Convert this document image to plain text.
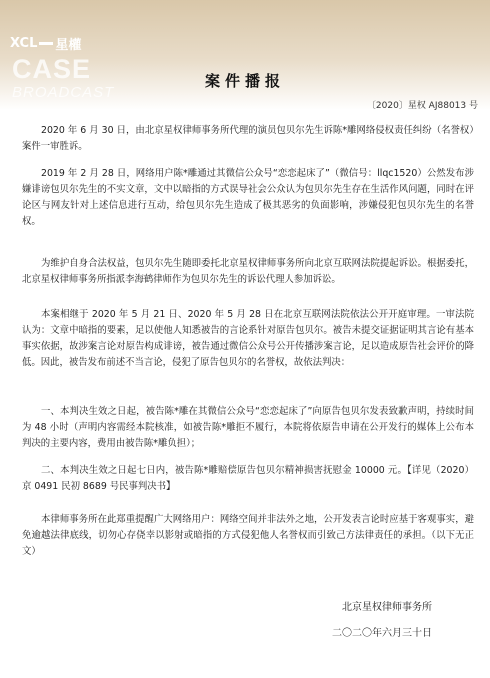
XCL 星權
CASE
BROADCAST
案件播报
〔2020〕星权 AJ88013 号

2020 年 6 月 30 日，由北京星权律师事务所代理的演员包贝尔先生诉陈*雕网络侵权责任纠纷（名誉权）案件一审胜诉。

2019 年 2 月 28 日，网络用户陈*雕通过其微信公众号“恋恋起床了”（微信号：llqc1520）公然发布涉嫌诽谤包贝尔先生的不实文章，文中以暗指的方式误导社会公众认为包贝尔先生存在生活作风问题，同时在评论区与网友针对上述信息进行互动，给包贝尔先生造成了极其恶劣的负面影响，涉嫌侵犯包贝尔先生的名誉权。

为维护自身合法权益，包贝尔先生随即委托北京星权律师事务所向北京互联网法院提起诉讼。根据委托，北京星权律师事务所指派李海鹤律师作为包贝尔先生的诉讼代理人参加诉讼。

本案相继于 2020 年 5 月 21 日、2020 年 5 月 28 日在北京互联网法院依法公开开庭审理。一审法院认为：文章中暗指的要素，足以使他人知悉被告的言论系针对原告包贝尔。被告未提交证据证明其言论有基本事实依据，故涉案言论对原告构成诽谤，被告通过微信公众号公开传播涉案言论，足以造成原告社会评价的降低。因此，被告发布前述不当言论，侵犯了原告包贝尔的名誉权，故依法判决：

一、本判决生效之日起，被告陈*雕在其微信公众号“恋恋起床了”向原告包贝尔发表致歉声明，持续时间为 48 小时（声明内容需经本院核准，如被告陈*雕拒不履行，本院将依原告申请在公开发行的媒体上公布本判决的主要内容，费用由被告陈*雕负担）；

二、本判决生效之日起七日内，被告陈*雕赔偿原告包贝尔精神损害抚慰金 10000 元。【详见（2020）京 0491 民初 8689 号民事判决书】

本律师事务所在此郑重提醒广大网络用户：网络空间并非法外之地，公开发表言论时应基于客观事实，避免逾越法律底线，切勿心存侥幸以影射或暗指的方式侵犯他人名誉权而引致己方法律责任的承担。（以下无正文）

北京星权律师事务所
二〇二〇年六月三十日
